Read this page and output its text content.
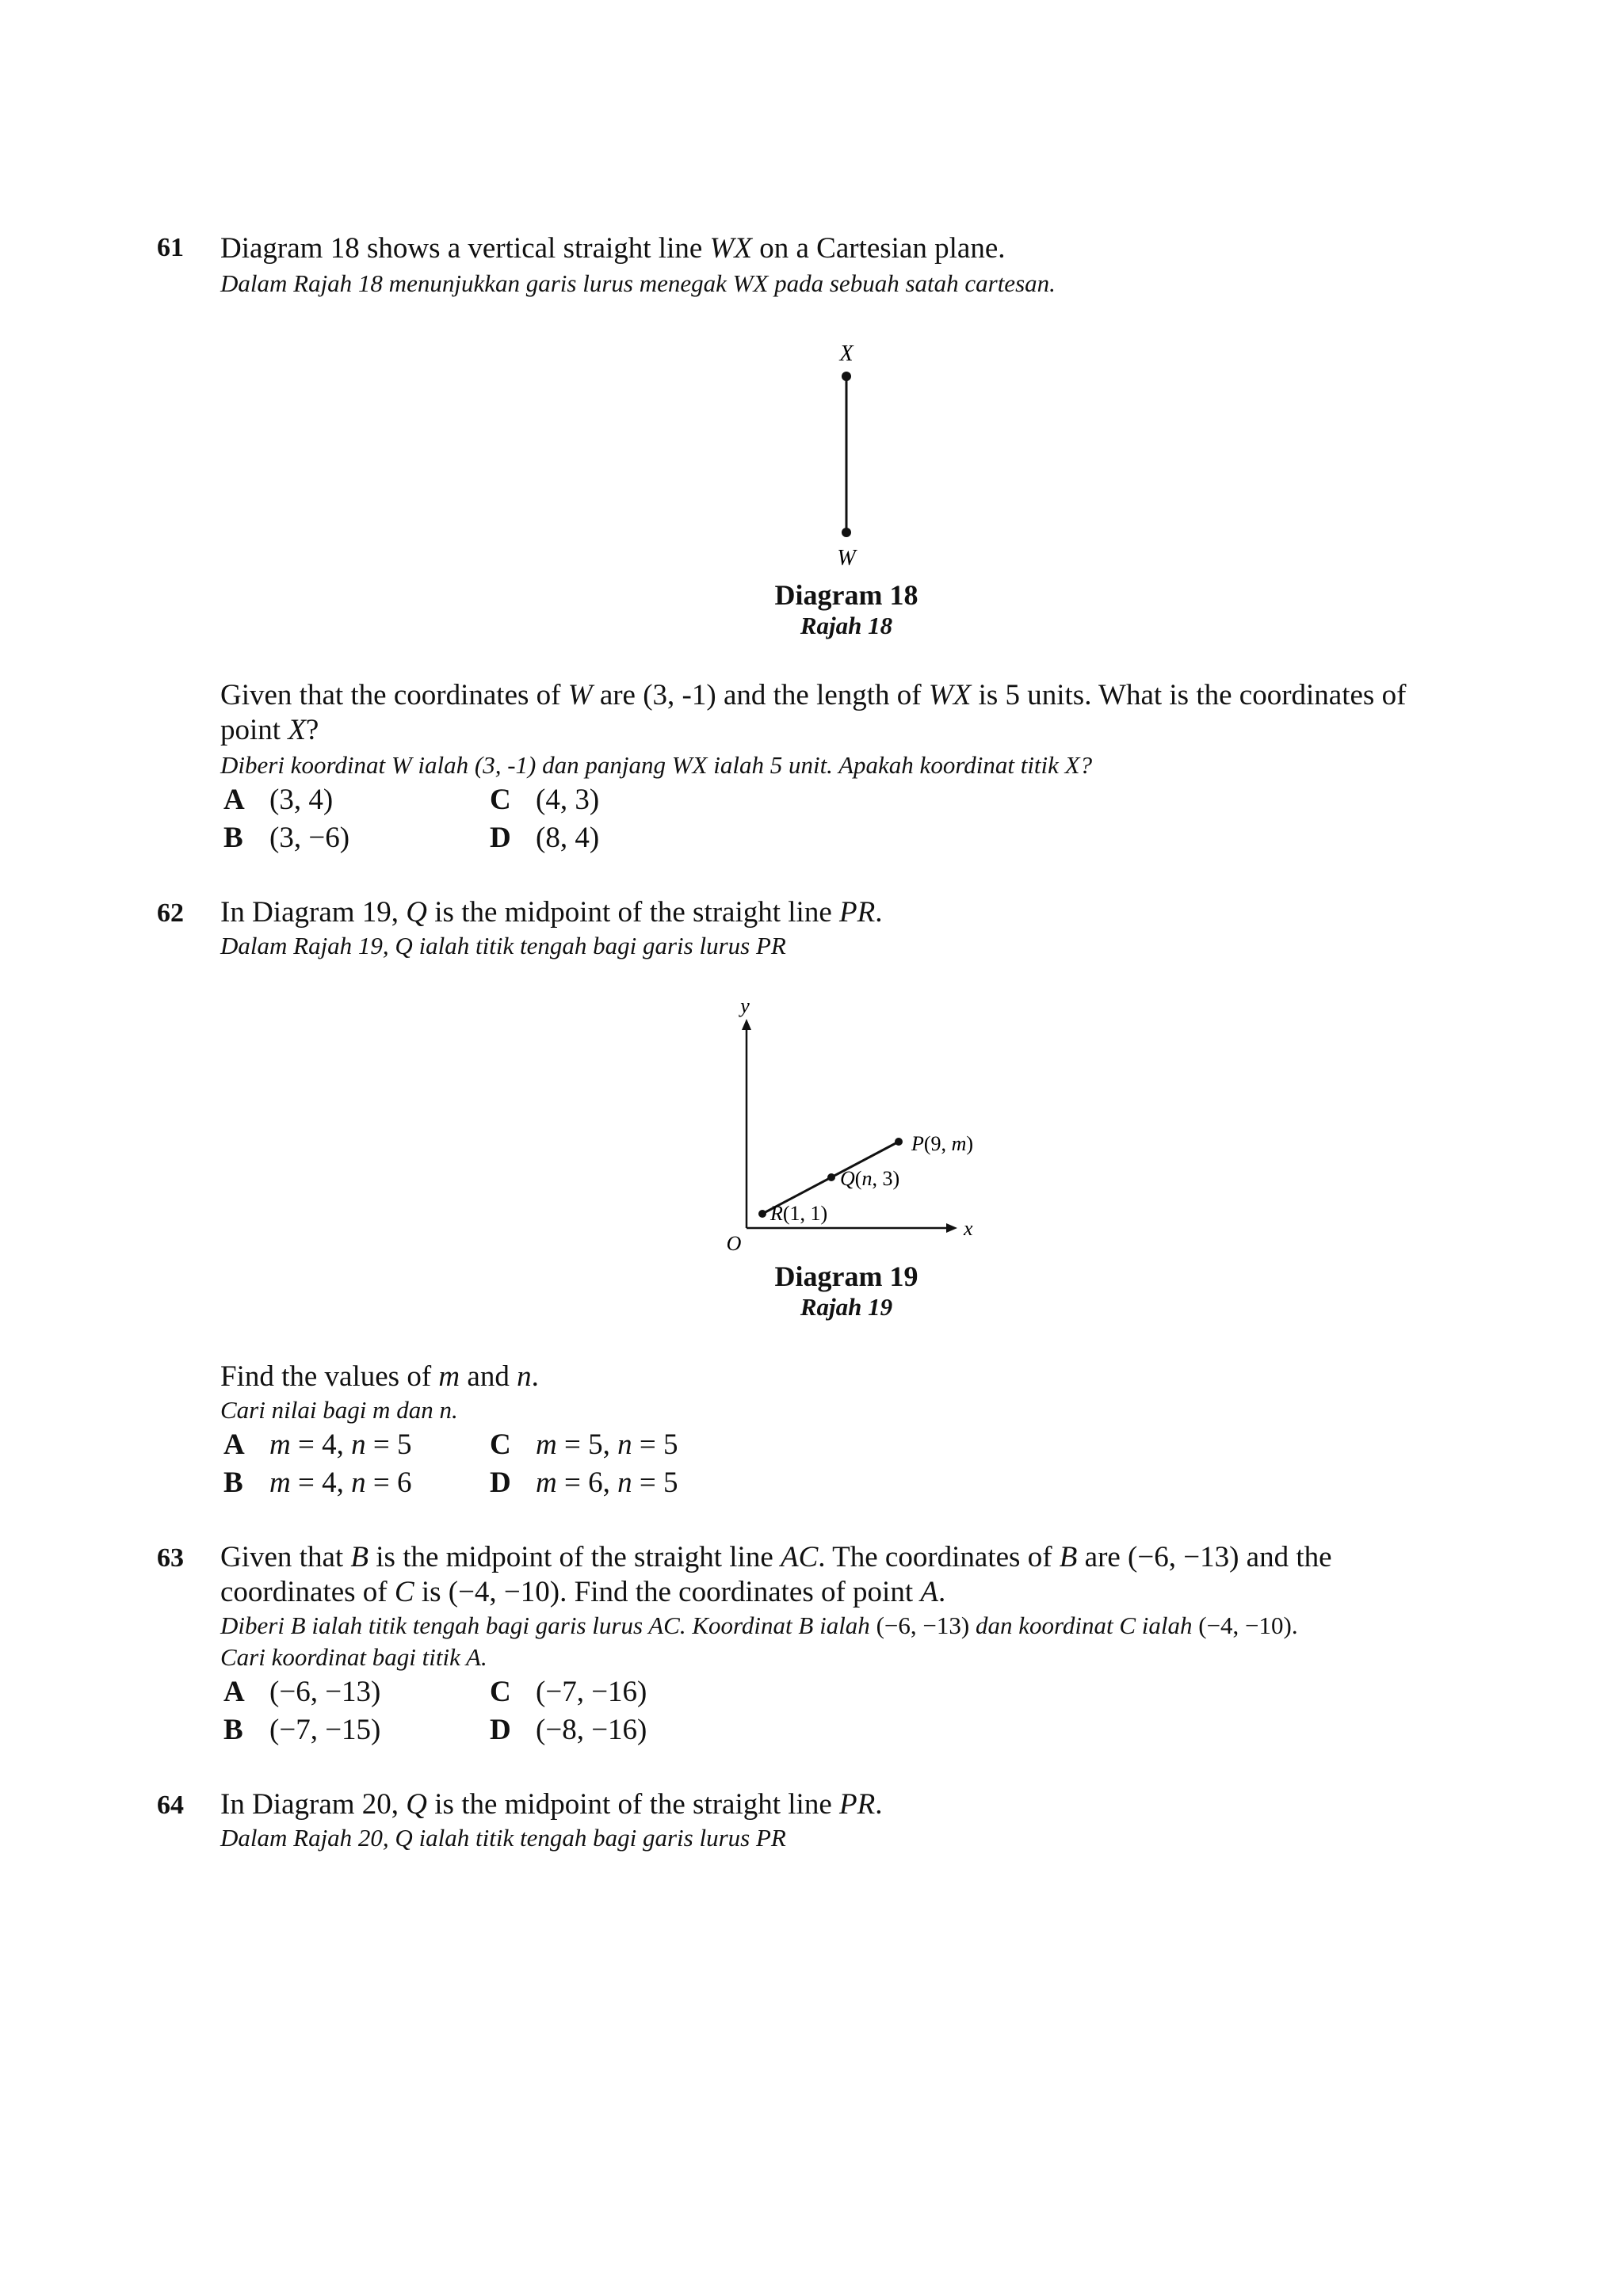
61 Diagram 18 shows a vertical straight line WX on a Cartesian plane.
Dalam Rajah 18 menunjukkan garis lurus menegak WX pada sebuah satah cartesan.
X
W
Diagram 18
Rajah 18
Given that the coordinates of W are (3, -1) and the length of WX is 5 units. What is the coordinates of
point X?
Diberi koordinat W ialah (3, -1) dan panjang WX ialah 5 unit. Apakah koordinat titik X?
A (3, 4)
B (3, −6)
C (4, 3)
D (8, 4)
62 In Diagram 19, Q is the midpoint of the straight line PR.
Dalam Rajah 19, Q ialah titik tengah bagi garis lurus PR
y
x
O
P(9, m)
Q(n, 3)
R(1, 1)
Diagram 19
Rajah 19
Find the values of m and n.
Cari nilai bagi m dan n.
A m = 4, n = 5
B m = 4, n = 6
C m = 5, n = 5
D m = 6, n = 5
63 Given that B is the midpoint of the straight line AC. The coordinates of B are (−6, −13) and the
coordinates of C is (−4, −10). Find the coordinates of point A.
Diberi B ialah titik tengah bagi garis lurus AC. Koordinat B ialah (−6, −13) dan koordinat C ialah (−4, −10).
Cari koordinat bagi titik A.
A (−6, −13)
B (−7, −15)
C (−7, −16)
D (−8, −16)
64 In Diagram 20, Q is the midpoint of the straight line PR.
Dalam Rajah 20, Q ialah titik tengah bagi garis lurus PR
